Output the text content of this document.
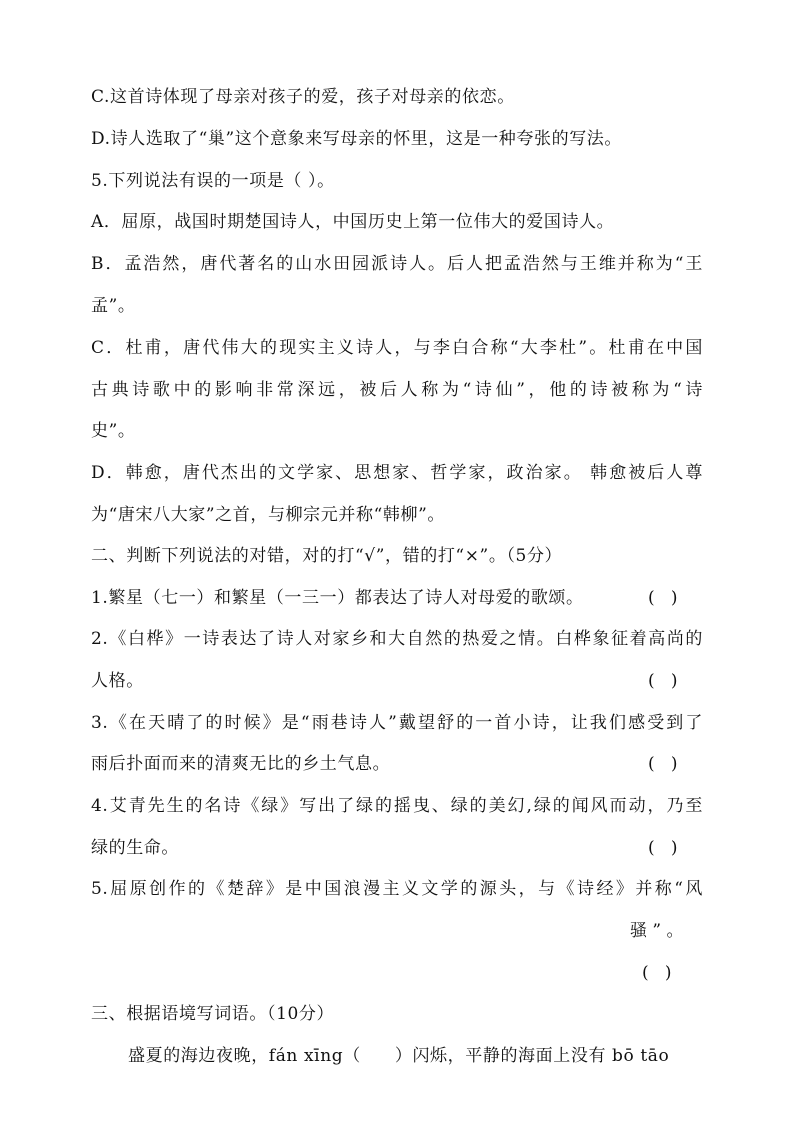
C.这首诗体现了母亲对孩子的爱，孩子对母亲的依恋。
D.诗人选取了“巢”这个意象来写母亲的怀里，这是一种夸张的写法。
5.下列说法有误的一项是（ ）。
A．屈原，战国时期楚国诗人，中国历史上第一位伟大的爱国诗人。
B．孟浩然，唐代著名的山水田园派诗人。后人把孟浩然与王维并称为“王
孟”。
C．杜甫，唐代伟大的现实主义诗人，与李白合称“大李杜”。杜甫在中国
古典诗歌中的影响非常深远，被后人称为“诗仙”，他的诗被称为“诗
史”。
D．韩愈，唐代杰出的文学家、思想家、哲学家，政治家。 韩愈被后人尊
为“唐宋八大家”之首，与柳宗元并称“韩柳”。
二、判断下列说法的对错，对的打“√”，错的打“×”。（5分）
1.繁星（七一）和繁星（一三一）都表达了诗人对母爱的歌颂。	(   )
2.《白桦》一诗表达了诗人对家乡和大自然的热爱之情。白桦象征着高尚的
人格。	(   )
3.《在天晴了的时候》是“雨巷诗人”戴望舒的一首小诗，让我们感受到了
雨后扑面而来的清爽无比的乡土气息。	(   )
4.艾青先生的名诗《绿》写出了绿的摇曳、绿的美幻,绿的闻风而动，乃至
绿的生命。	(   )
5.屈原创作的《楚辞》是中国浪漫主义文学的源头，与《诗经》并称“风
骚 ” 。
(   )
三、根据语境写词语。（10分）
盛夏的海边夜晚，fán xīng（ ）闪烁，平静的海面上没有 bō tāo
